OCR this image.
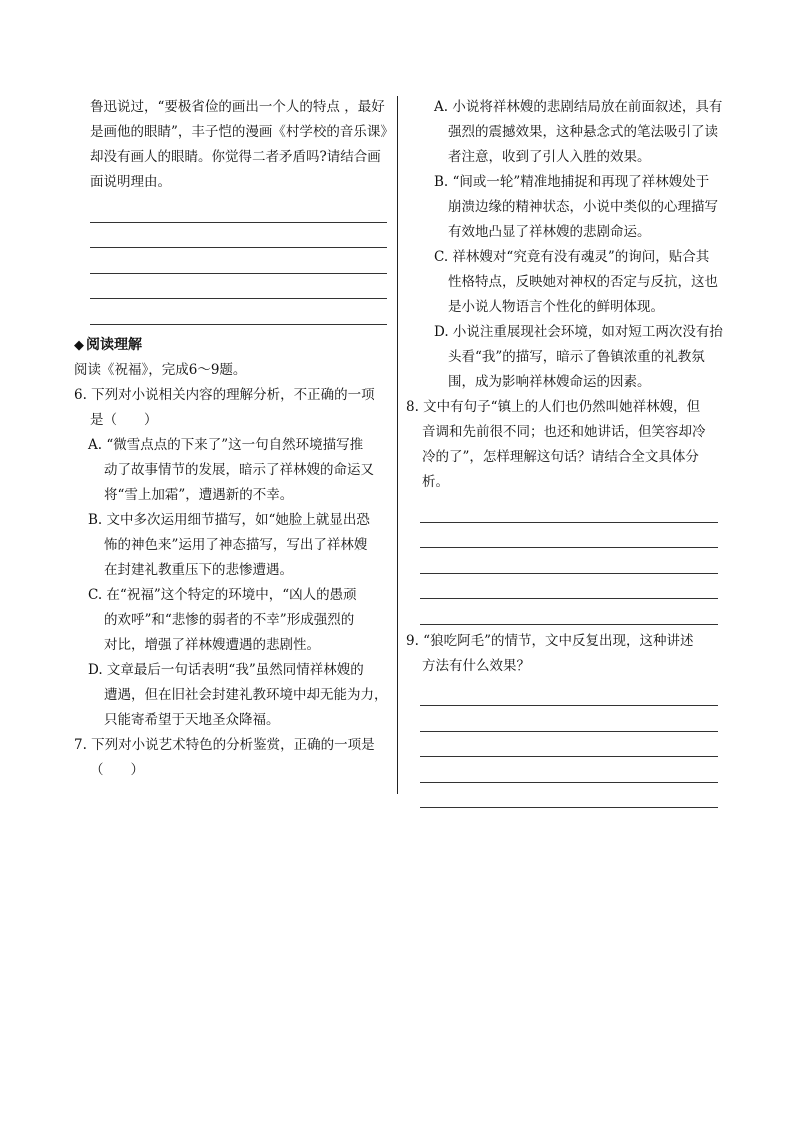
鲁迅说过，“要极省俭的画出一个人的特点 ，最好

是画他的眼睛”，丰子恺的漫画《村学校的音乐课》

却没有画人的眼睛。你觉得二者矛盾吗?请结合画

面说明理由。

◆ 阅读理解

阅读《祝福》，完成6～9题。

6. 下列对小说相关内容的理解分析，不正确的一项

是（　　）

A. “微雪点点的下来了”这一句自然环境描写推

动了故事情节的发展，暗示了祥林嫂的命运又

将“雪上加霜”，遭遇新的不幸。

B. 文中多次运用细节描写，如“她脸上就显出恐

怖的神色来”运用了神态描写，写出了祥林嫂

在封建礼教重压下的悲惨遭遇。

C. 在“祝福”这个特定的环境中，“凶人的愚顽

的欢呼”和“悲惨的弱者的不幸”形成强烈的

对比，增强了祥林嫂遭遇的悲剧性。

D. 文章最后一句话表明“我”虽然同情祥林嫂的

遭遇，但在旧社会封建礼教环境中却无能为力，

只能寄希望于天地圣众降福。

7. 下列对小说艺术特色的分析鉴赏，正确的一项是

（　　）

A. 小说将祥林嫂的悲剧结局放在前面叙述，具有

强烈的震撼效果，这种悬念式的笔法吸引了读

者注意，收到了引人入胜的效果。

B. “间或一轮”精准地捕捉和再现了祥林嫂处于

崩溃边缘的精神状态，小说中类似的心理描写

有效地凸显了祥林嫂的悲剧命运。

C. 祥林嫂对“究竟有没有魂灵”的询问，贴合其

性格特点，反映她对神权的否定与反抗，这也

是小说人物语言个性化的鲜明体现。

D. 小说注重展现社会环境，如对短工两次没有抬

头看“我”的描写，暗示了鲁镇浓重的礼教氛

围，成为影响祥林嫂命运的因素。

8. 文中有句子“镇上的人们也仍然叫她祥林嫂，但

音调和先前很不同；也还和她讲话，但笑容却冷

冷的了”，怎样理解这句话？请结合全文具体分

析。

9. “狼吃阿毛”的情节，文中反复出现，这种讲述

方法有什么效果？
